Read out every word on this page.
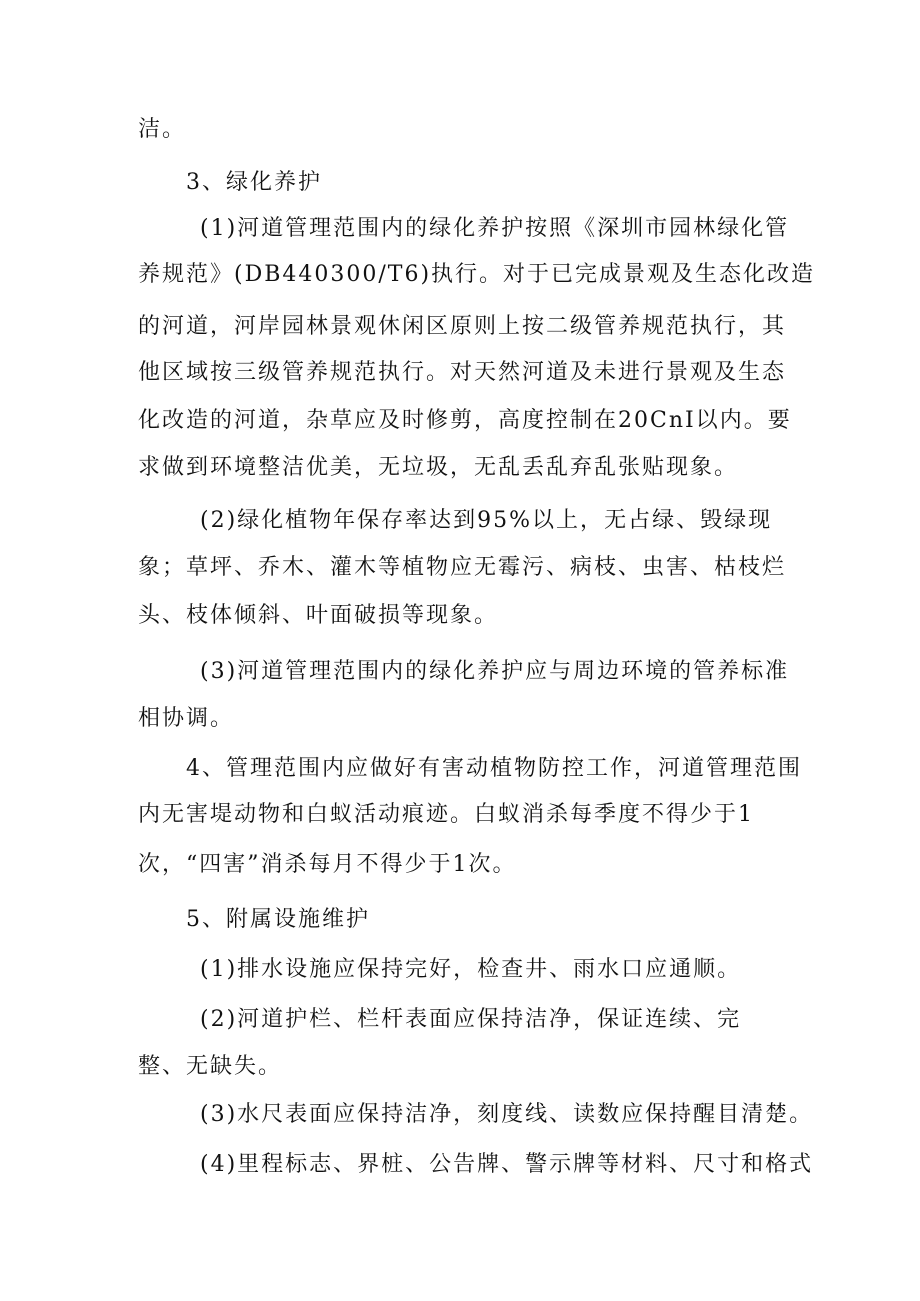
洁。
3、绿化养护
(1)河道管理范围内的绿化养护按照《深圳市园林绿化管
养规范》(DB440300/T6)执行。对于已完成景观及生态化改造
的河道，河岸园林景观休闲区原则上按二级管养规范执行，其
他区域按三级管养规范执行。对天然河道及未进行景观及生态
化改造的河道，杂草应及时修剪，高度控制在20CnI以内。要
求做到环境整洁优美，无垃圾，无乱丢乱弃乱张贴现象。
(2)绿化植物年保存率达到95%以上，无占绿、毁绿现
象；草坪、乔木、灌木等植物应无霉污、病枝、虫害、枯枝烂
头、枝体倾斜、叶面破损等现象。
(3)河道管理范围内的绿化养护应与周边环境的管养标准
相协调。
4、管理范围内应做好有害动植物防控工作，河道管理范围
内无害堤动物和白蚁活动痕迹。白蚁消杀每季度不得少于1
次，“四害”消杀每月不得少于1次。
5、附属设施维护
(1)排水设施应保持完好，检查井、雨水口应通顺。
(2)河道护栏、栏杆表面应保持洁净，保证连续、完
整、无缺失。
(3)水尺表面应保持洁净，刻度线、读数应保持醒目清楚。
(4)里程标志、界桩、公告牌、警示牌等材料、尺寸和格式
